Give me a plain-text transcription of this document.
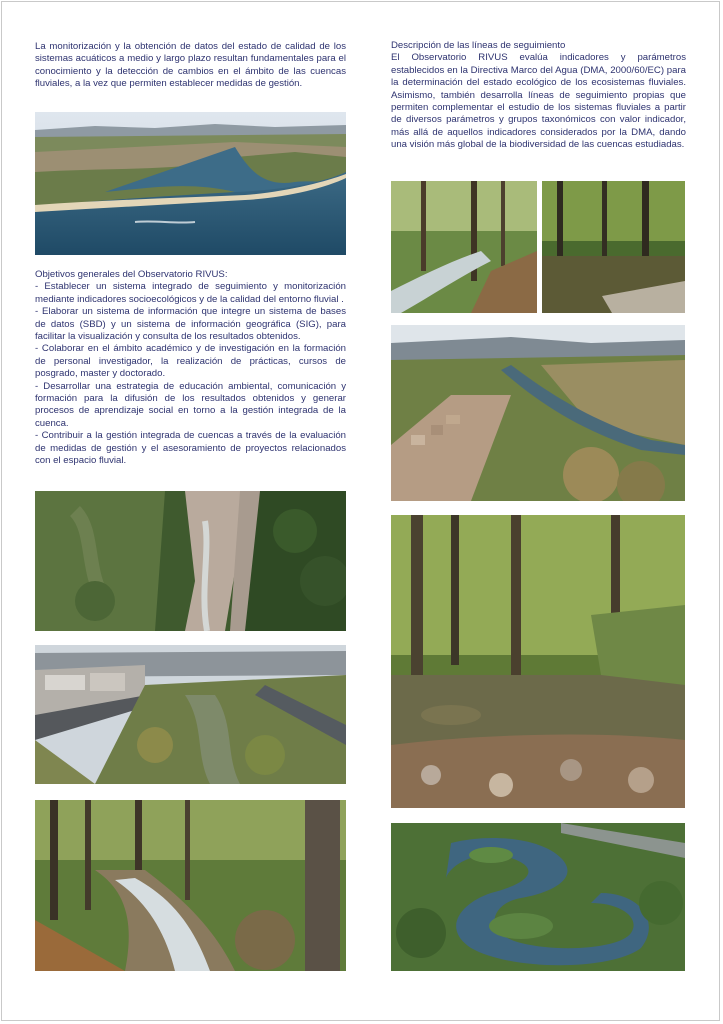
La monitorización y la obtención de datos del estado de calidad de los sistemas acuáticos a medio y largo plazo resultan fundamentales para el conocimiento y la detección de cambios en el ámbito de las cuencas fluviales, a la vez que permiten establecer medidas de gestión.
Objetivos generales del Observatorio RIVUS:
- Establecer un sistema integrado de seguimiento y monitorización mediante indicadores socioecológicos y de la calidad del entorno fluvial .
- Elaborar un sistema de información que integre un sistema de bases de datos (SBD) y un sistema de información geográfica (SIG), para facilitar la visualización y consulta de los resultados obtenidos.
- Colaborar en el ámbito académico y de investigación en la formación de personal investigador, la realización de prácticas, cursos de posgrado, master y doctorado.
- Desarrollar una estrategia de educación ambiental, comunicación y formación para la difusión de los resultados obtenidos y generar procesos de aprendizaje social en torno a la gestión integrada de la cuenca.
- Contribuir a la gestión integrada de cuencas a través de la evaluación de medidas de gestión y el asesoramiento de proyectos relacionados con el espacio fluvial.
Descripción de las líneas de seguimiento
El Observatorio RIVUS evalúa indicadores y parámetros establecidos en la Directiva Marco del Agua (DMA, 2000/60/EC) para la determinación del estado ecológico de los ecosistemas fluviales. Asimismo, también desarrolla líneas de seguimiento propias que permiten complementar el estudio de los sistemas fluviales a partir de diversos parámetros y grupos taxonómicos con valor indicador, más allá de aquellos indicadores considerados por la DMA, dando una visión más global de la biodiversidad de las cuencas estudiadas.
